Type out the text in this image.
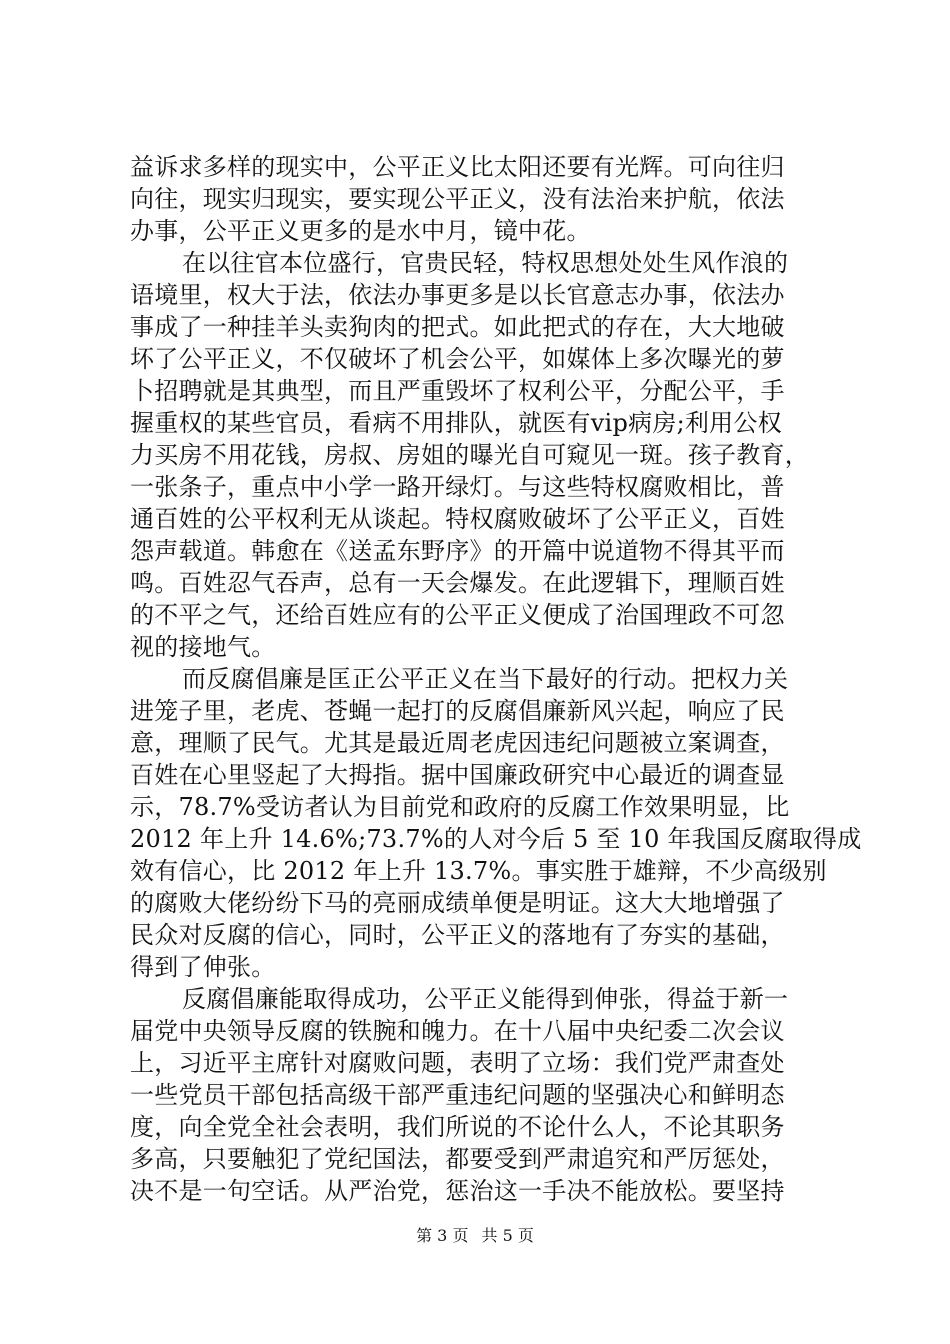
益诉求多样的现实中，公平正义比太阳还要有光辉。可向往归
向往，现实归现实，要实现公平正义，没有法治来护航，依法
办事，公平正义更多的是水中月，镜中花。
在以往官本位盛行，官贵民轻，特权思想处处生风作浪的
语境里，权大于法，依法办事更多是以长官意志办事，依法办
事成了一种挂羊头卖狗肉的把式。如此把式的存在，大大地破
坏了公平正义，不仅破坏了机会公平，如媒体上多次曝光的萝
卜招聘就是其典型，而且严重毁坏了权利公平，分配公平，手
握重权的某些官员，看病不用排队，就医有vip病房;利用公权
力买房不用花钱，房叔、房姐的曝光自可窥见一斑。孩子教育，
一张条子，重点中小学一路开绿灯。与这些特权腐败相比，普
通百姓的公平权利无从谈起。特权腐败破坏了公平正义，百姓
怨声载道。韩愈在《送孟东野序》的开篇中说道物不得其平而
鸣。百姓忍气吞声，总有一天会爆发。在此逻辑下，理顺百姓
的不平之气，还给百姓应有的公平正义便成了治国理政不可忽
视的接地气。
而反腐倡廉是匡正公平正义在当下最好的行动。把权力关
进笼子里，老虎、苍蝇一起打的反腐倡廉新风兴起，响应了民
意，理顺了民气。尤其是最近周老虎因违纪问题被立案调查，
百姓在心里竖起了大拇指。据中国廉政研究中心最近的调查显
示，78.7%受访者认为目前党和政府的反腐工作效果明显，比
2012 年上升 14.6%;73.7%的人对今后 5 至 10 年我国反腐取得成
效有信心，比 2012 年上升 13.7%。事实胜于雄辩，不少高级别
的腐败大佬纷纷下马的亮丽成绩单便是明证。这大大地增强了
民众对反腐的信心，同时，公平正义的落地有了夯实的基础，
得到了伸张。
反腐倡廉能取得成功，公平正义能得到伸张，得益于新一
届党中央领导反腐的铁腕和魄力。在十八届中央纪委二次会议
上，习近平主席针对腐败问题，表明了立场：我们党严肃查处
一些党员干部包括高级干部严重违纪问题的坚强决心和鲜明态
度，向全党全社会表明，我们所说的不论什么人，不论其职务
多高，只要触犯了党纪国法，都要受到严肃追究和严厉惩处，
决不是一句空话。从严治党，惩治这一手决不能放松。要坚持
第 3 页 共 5 页
